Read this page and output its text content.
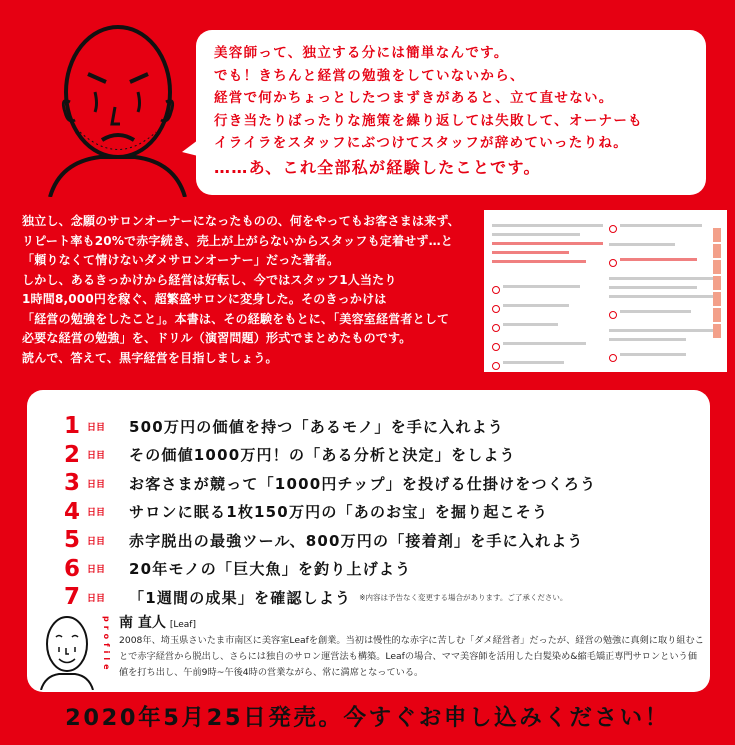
美容師って、独立する分には簡単なんです。
でも！きちんと経営の勉強をしていないから、
経営で何かちょっとしたつまずきがあると、立て直せない。
行き当たりばったりな施策を繰り返しては失敗して、オーナーも
イライラをスタッフにぶつけてスタッフが辞めていったりね。
……あ、これ全部私が経験したことです。
独立し、念願のサロンオーナーになったものの、何をやってもお客さまは来ず、
リピート率も20%で赤字続き、売上が上がらないからスタッフも定着せず…と
「頼りなくて情けないダメサロンオーナー」だった著者。
しかし、あるきっかけから経営は好転し、今ではスタッフ1人当たり
1時間8,000円を稼ぐ、超繁盛サロンに変身した。そのきっかけは
「経営の勉強をしたこと」。本書は、その経験をもとに、「美容室経営者として
必要な経営の勉強」を、ドリル（演習問題）形式でまとめたものです。
読んで、答えて、黒字経営を目指しましょう。
1 日目	500万円の価値を持つ「あるモノ」を手に入れよう
2 日目	その価値1000万円！の「ある分析と決定」をしよう
3 日目	お客さまが競って「1000円チップ」を投げる仕掛けをつくろう
4 日目	サロンに眠る1枚150万円の「あのお宝」を掘り起こそう
5 日目	赤字脱出の最強ツール、800万円の「接着剤」を手に入れよう
6 日目	20年モノの「巨大魚」を釣り上げよう
7 日目	「1週間の成果」を確認しよう ※内容は予告なく変更する場合があります。ご了承ください。
profile 南 直人 [Leaf]
2008年、埼玉県さいたま市南区に美容室Leafを創業。当初は慢性的な赤字に苦しむ「ダメ経営者」だったが、経営の勉強に真剣に取り組むことで赤字経営から脱出し、さらには独自のサロン運営法も構築。Leafの場合、ママ美容師を活用した白髪染め&縮毛矯正専門サロンという価値を打ち出し、午前9時~午後4時の営業ながら、常に満席となっている。
2020年5月25日発売。今すぐお申し込みください！
